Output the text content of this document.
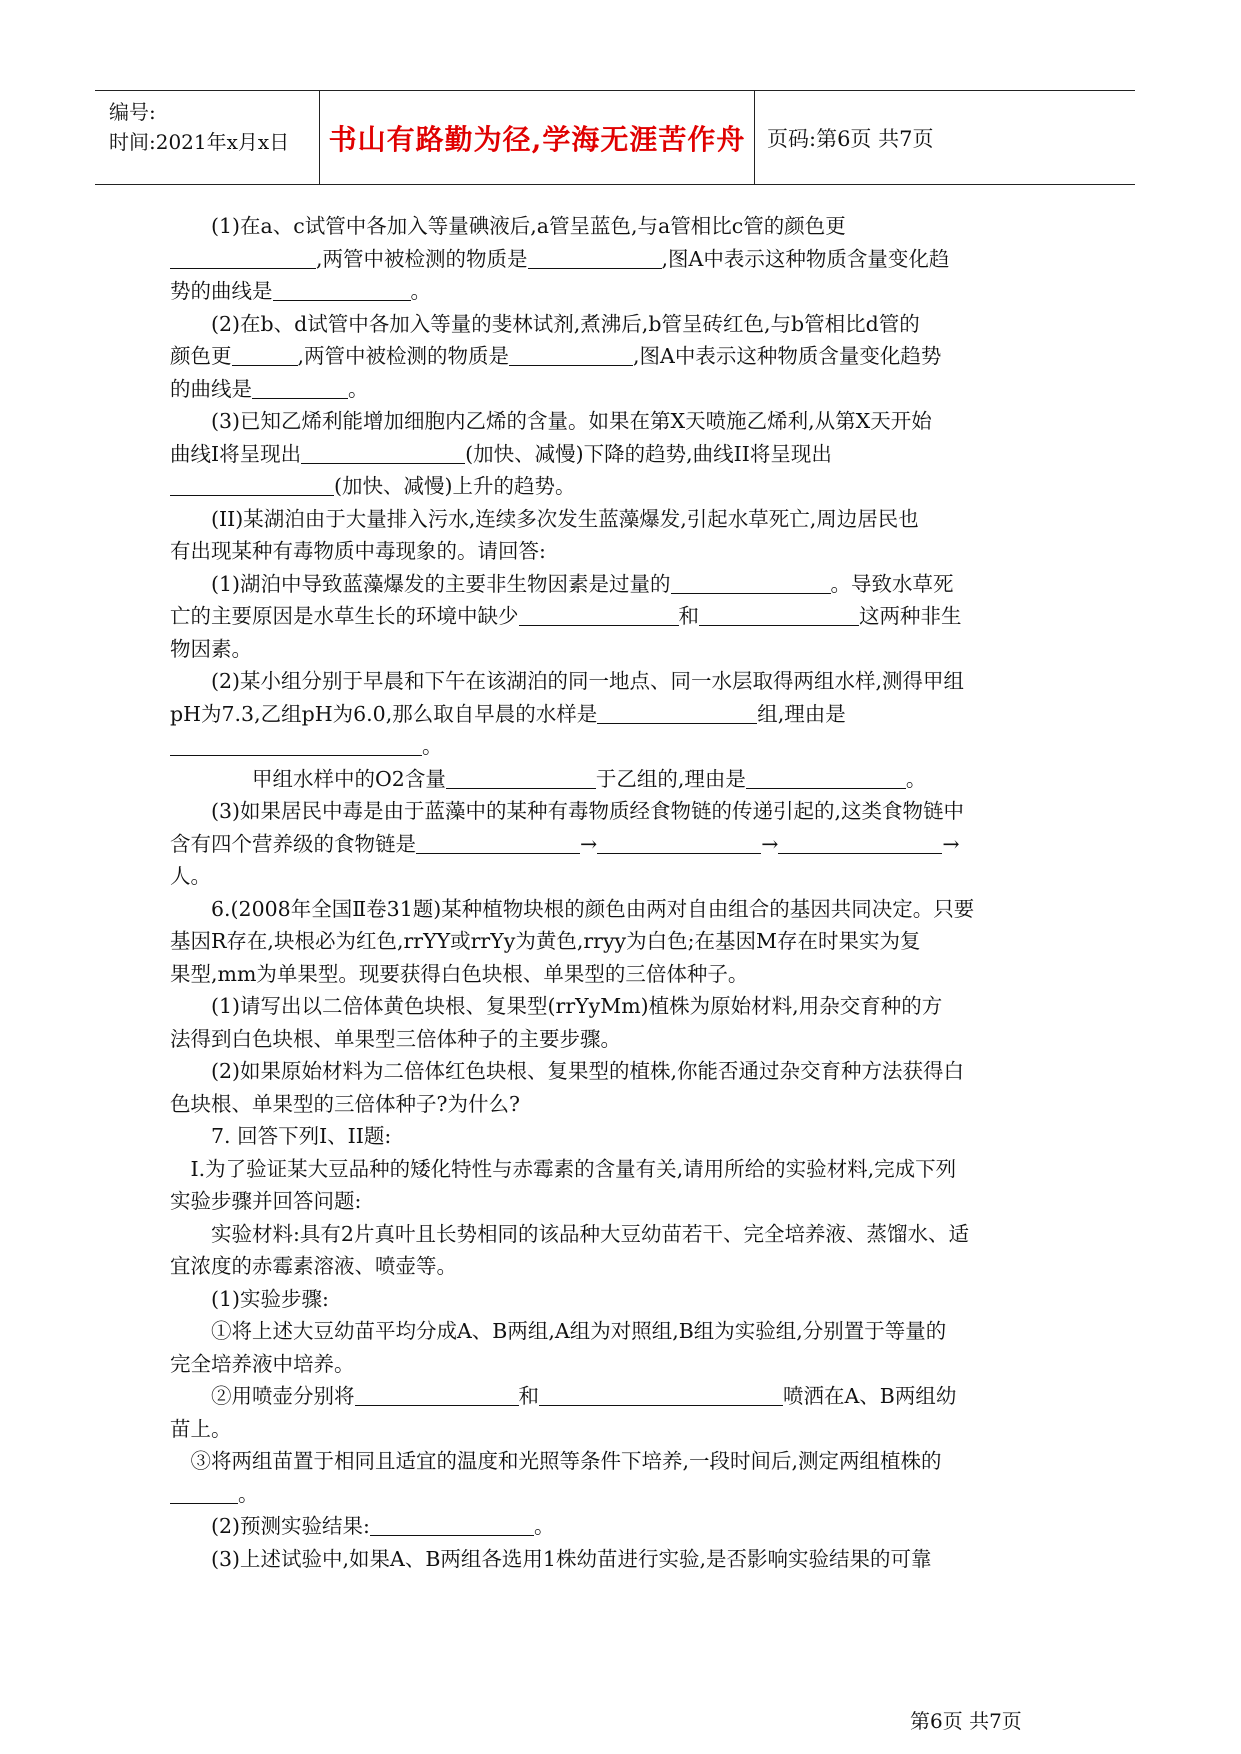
编号:
时间:2021年x月x日 书山有路勤为径,学海无涯苦作舟	页码:第6页 共7页

(1)在a、c试管中各加入等量碘液后,a管呈蓝色,与a管相比c管的颜色更

,两管中被检测的物质是	,图A中表示这种物质含量变化趋

势的曲线是	。

(2)在b、d试管中各加入等量的斐林试剂,煮沸后,b管呈砖红色,与b管相比d管的

颜色更	,两管中被检测的物质是	,图A中表示这种物质含量变化趋势

的曲线是	。

(3)已知乙烯利能增加细胞内乙烯的含量。如果在第X天喷施乙烯利,从第X天开始

曲线I将呈现出	(加快、减慢)下降的趋势,曲线II将呈现出

(加快、减慢)上升的趋势。

(II)某湖泊由于大量排入污水,连续多次发生蓝藻爆发,引起水草死亡,周边居民也

有出现某种有毒物质中毒现象的。请回答:

(1)湖泊中导致蓝藻爆发的主要非生物因素是过量的	。导致水草死

亡的主要原因是水草生长的环境中缺少	和	这两种非生

物因素。

(2)某小组分别于早晨和下午在该湖泊的同一地点、同一水层取得两组水样,测得甲组

pH为7.3,乙组pH为6.0,那么取自早晨的水样是	组,理由是

。

甲组水样中的O2含量	于乙组的,理由是	。

(3)如果居民中毒是由于蓝藻中的某种有毒物质经食物链的传递引起的,这类食物链中

含有四个营养级的食物链是	→	→	→

人。

6.(2008年全国Ⅱ卷31题)某种植物块根的颜色由两对自由组合的基因共同决定。只要

基因R存在,块根必为红色,rrYY或rrYy为黄色,rryy为白色;在基因M存在时果实为复

果型,mm为单果型。现要获得白色块根、单果型的三倍体种子。

(1)请写出以二倍体黄色块根、复果型(rrYyMm)植株为原始材料,用杂交育种的方

法得到白色块根、单果型三倍体种子的主要步骤。

(2)如果原始材料为二倍体红色块根、复果型的植株,你能否通过杂交育种方法获得白

色块根、单果型的三倍体种子?为什么?

7. 回答下列I、II题:

I.为了验证某大豆品种的矮化特性与赤霉素的含量有关,请用所给的实验材料,完成下列

实验步骤并回答问题:

实验材料:具有2片真叶且长势相同的该品种大豆幼苗若干、完全培养液、蒸馏水、适

宜浓度的赤霉素溶液、喷壶等。

(1)实验步骤:

①将上述大豆幼苗平均分成A、B两组,A组为对照组,B组为实验组,分别置于等量的

完全培养液中培养。

②用喷壶分别将	和	喷洒在A、B两组幼

苗上。

③将两组苗置于相同且适宜的温度和光照等条件下培养,一段时间后,测定两组植株的

。

(2)预测实验结果:	。

(3)上述试验中,如果A、B两组各选用1株幼苗进行实验,是否影响实验结果的可靠

第6页 共7页
